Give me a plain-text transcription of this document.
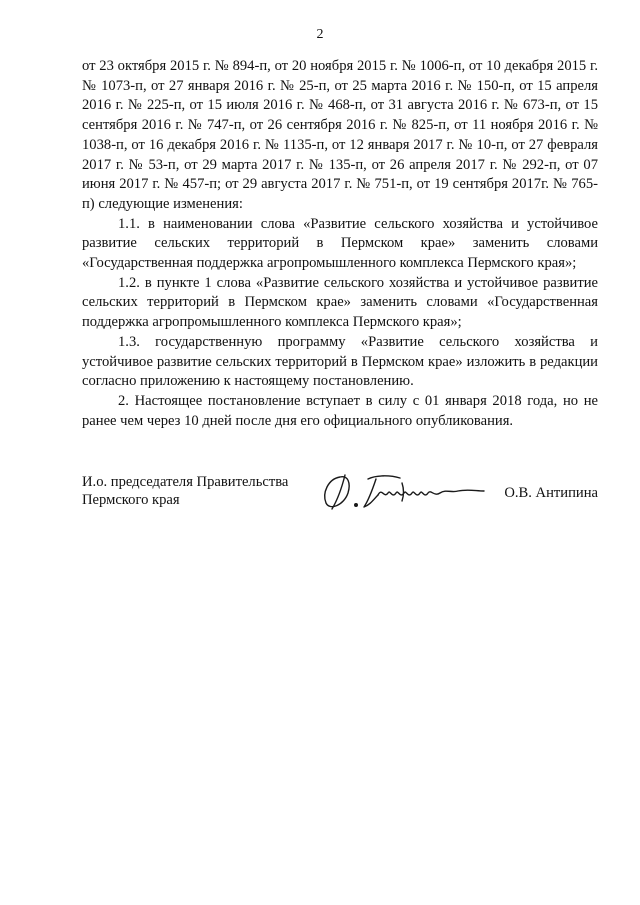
2

от 23 октября 2015 г. № 894-п, от 20 ноября 2015 г. № 1006-п, от 10 декабря 2015 г. № 1073-п, от 27 января 2016 г. № 25-п, от 25 марта 2016 г. № 150-п, от 15 апреля 2016 г. № 225-п, от 15 июля 2016 г. № 468-п, от 31 августа 2016 г. № 673-п, от 15 сентября 2016 г. № 747-п, от 26 сентября 2016 г. № 825-п, от 11 ноября 2016 г. № 1038-п, от 16 декабря 2016 г. № 1135-п, от 12 января 2017 г. № 10-п, от 27 февраля 2017 г. № 53-п, от 29 марта 2017 г. № 135-п, от 26 апреля 2017 г. № 292-п, от 07 июня 2017 г. № 457-п; от 29 августа 2017 г. № 751-п, от 19 сентября 2017г. № 765-п) следующие изменения:

1.1. в наименовании слова «Развитие сельского хозяйства и устойчивое развитие сельских территорий в Пермском крае» заменить словами «Государственная поддержка агропромышленного комплекса Пермского края»;

1.2. в пункте 1 слова «Развитие сельского хозяйства и устойчивое развитие сельских территорий в Пермском крае» заменить словами «Государственная поддержка агропромышленного комплекса Пермского края»;

1.3. государственную программу «Развитие сельского хозяйства и устойчивое развитие сельских территорий в Пермском крае» изложить в редакции согласно приложению к настоящему постановлению.

2. Настоящее постановление вступает в силу с 01 января 2018 года, но не ранее чем через 10 дней после дня его официального опубликования.

И.о. председателя Правительства
Пермского края	О.В. Антипина
